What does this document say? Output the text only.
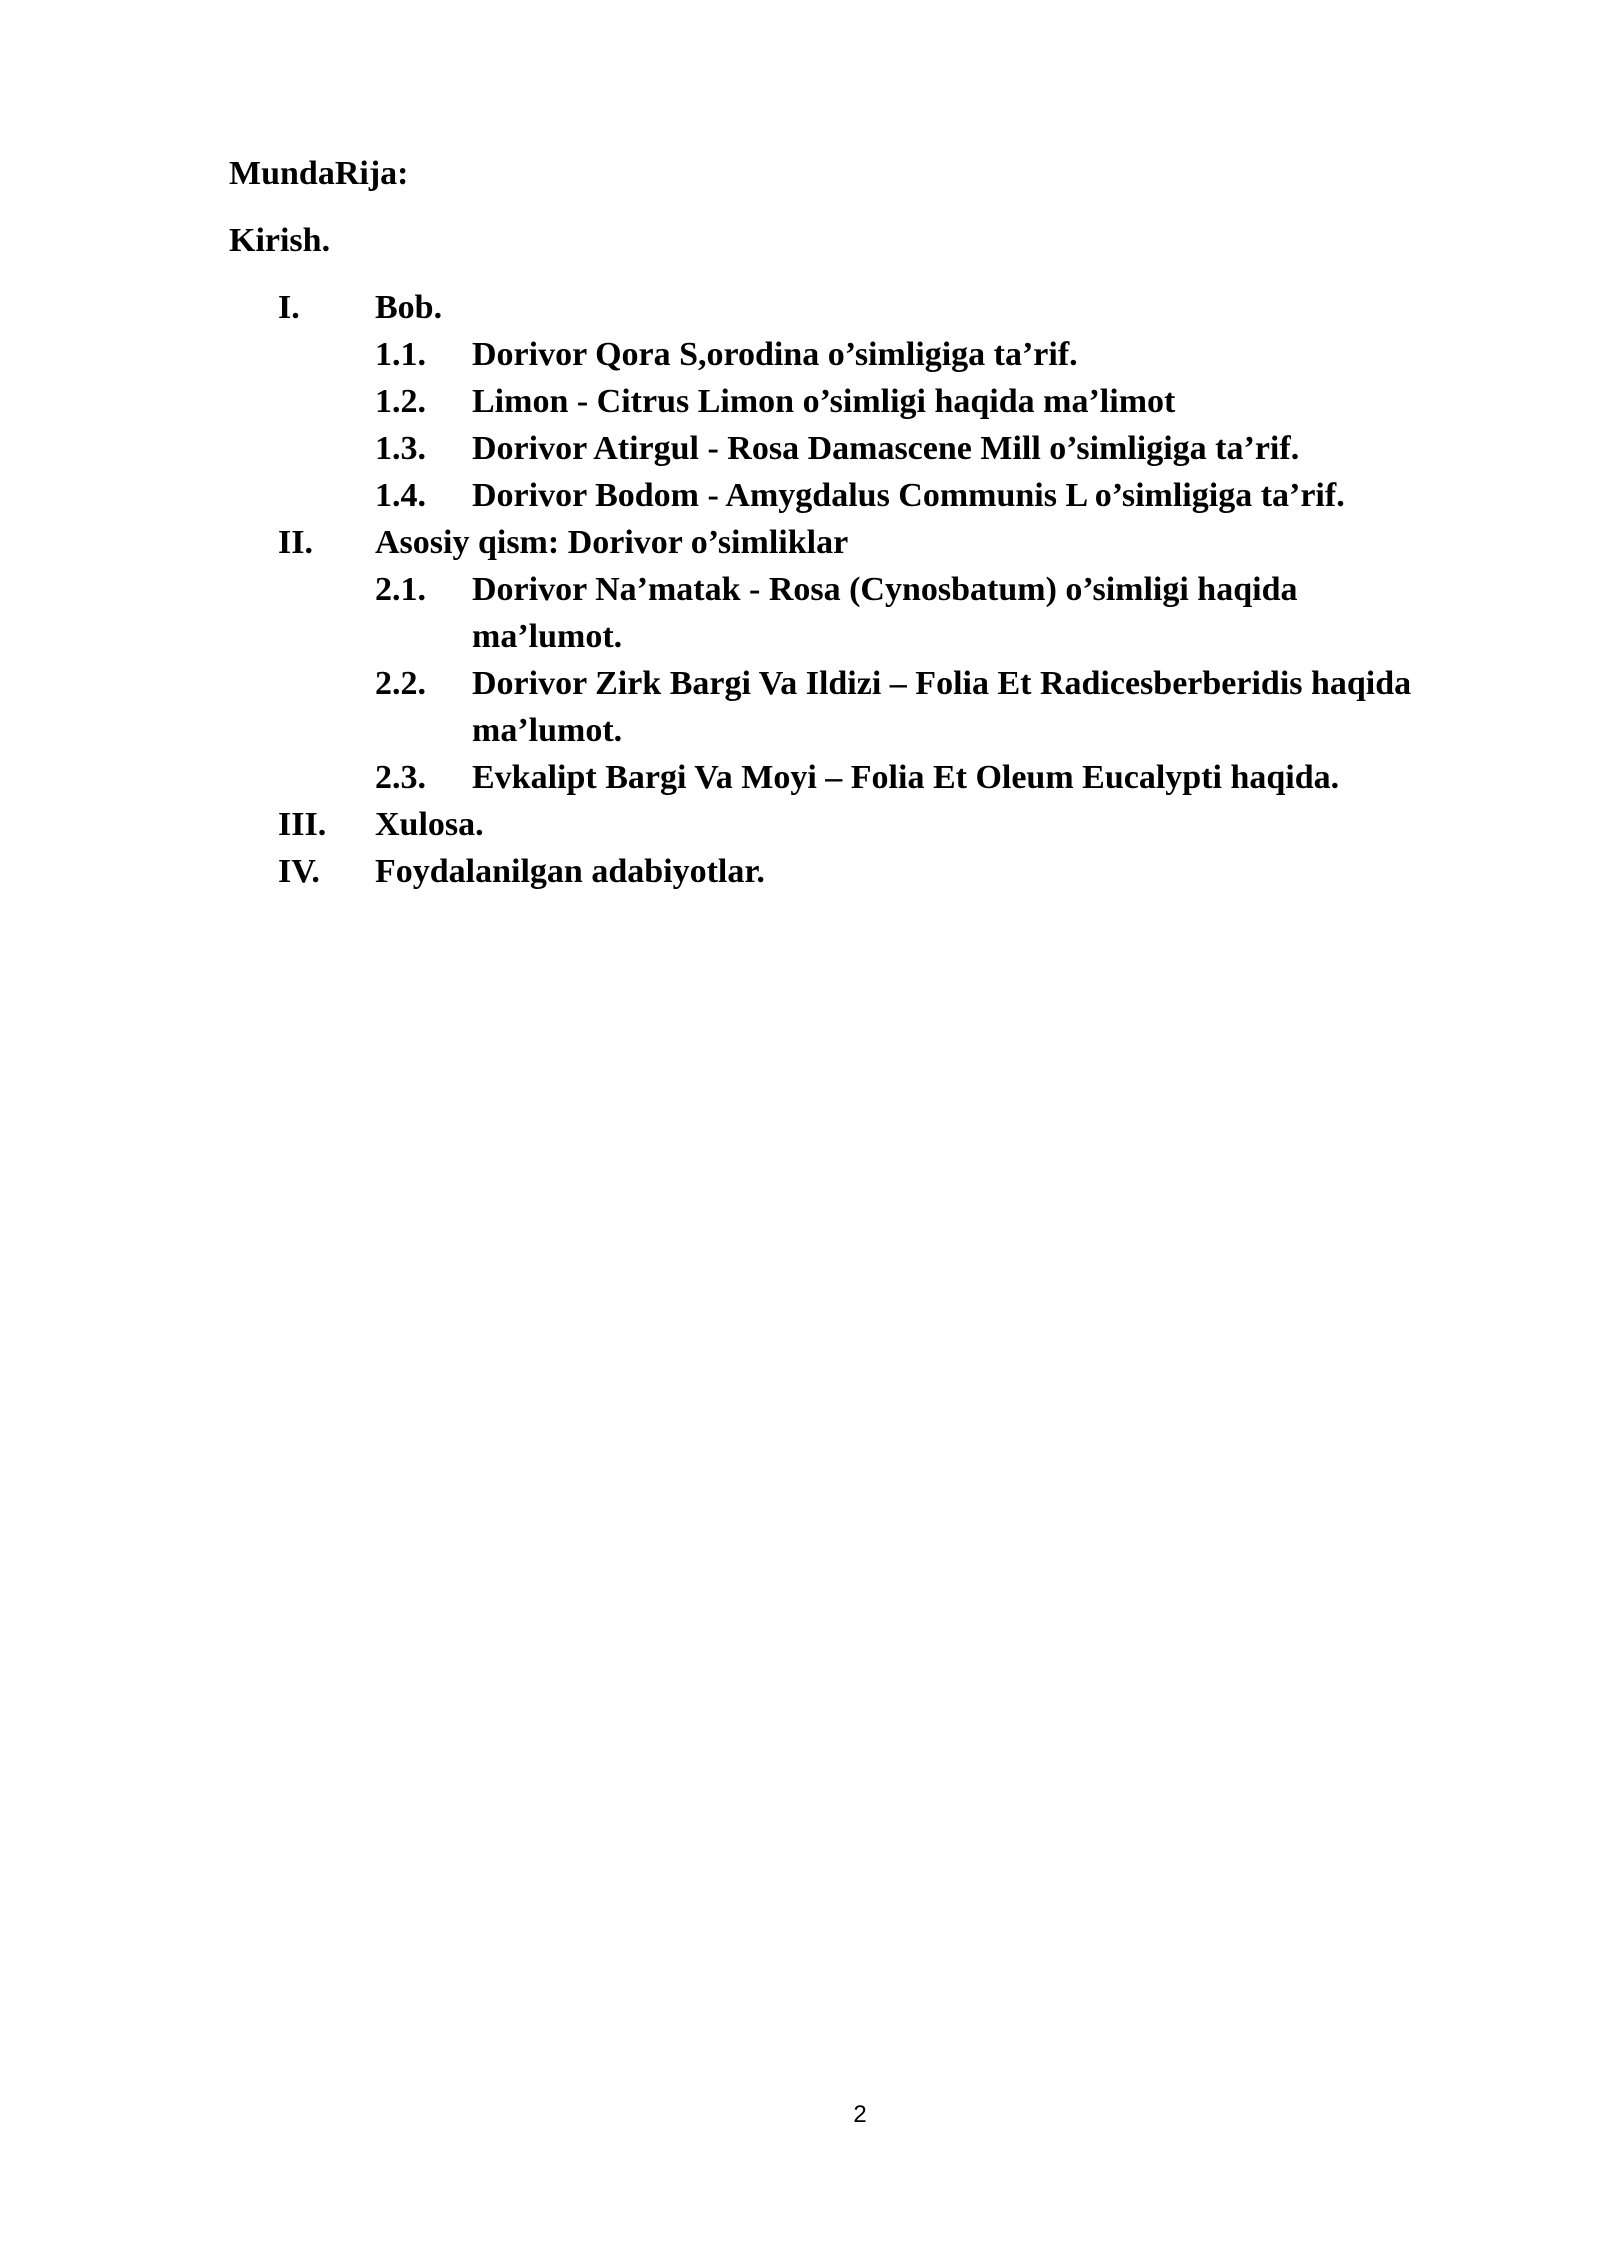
MundaRija:
Kirish.
I.	Bob.
1.1.	Dorivor Qora S,orodina o’simligiga ta’rif.
1.2.	Limon - Citrus Limon o’simligi haqida ma’limot
1.3.	Dorivor Atirgul - Rosa Damascene Mill o’simligiga ta’rif.
1.4.	Dorivor Bodom - Amygdalus Communis L o’simligiga ta’rif.
II.	Asosiy qism: Dorivor o’simliklar
2.1.	Dorivor Na’matak - Rosa (Cynosbatum) o’simligi haqida ma’lumot.
2.2.	Dorivor Zirk Bargi Va Ildizi – Folia Et Radicesberberidis haqida ma’lumot.
2.3.	Evkalipt Bargi Va Moyi – Folia Et Oleum Eucalypti haqida.
III. Xulosa.
IV. Foydalanilgan adabiyotlar.
2
